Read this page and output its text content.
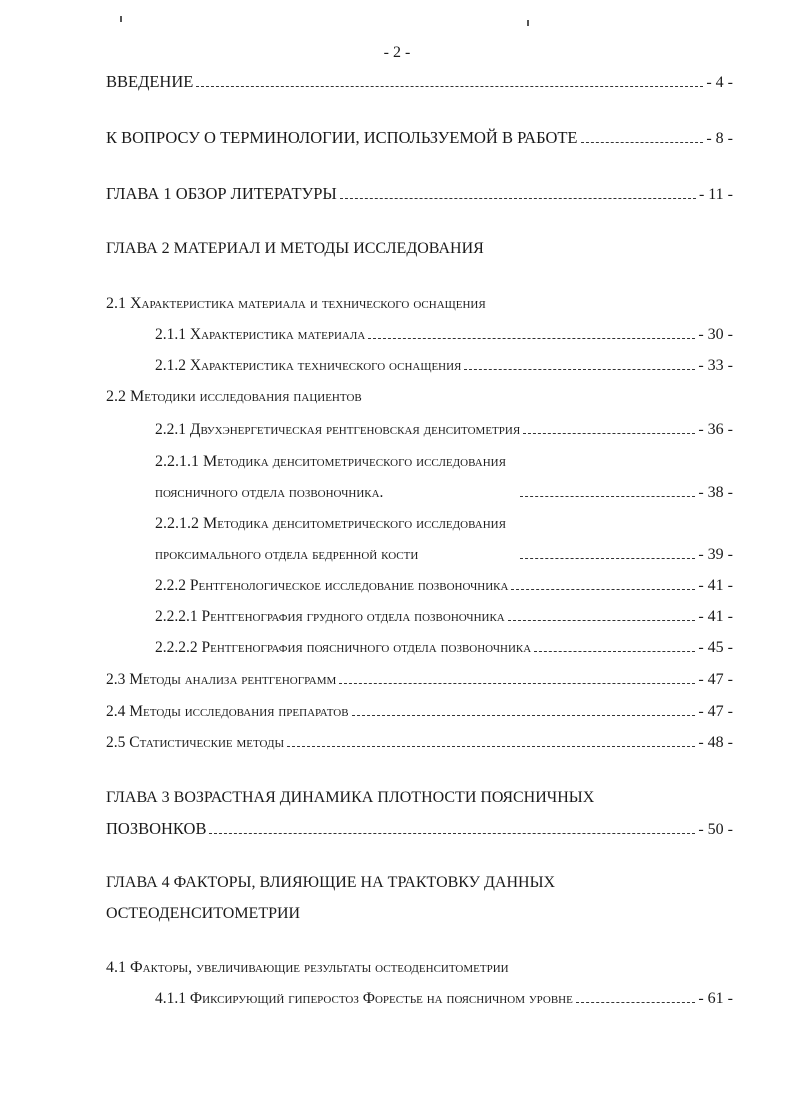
- 2 -
ВВЕДЕНИЕ	- 4 -
К ВОПРОСУ О ТЕРМИНОЛОГИИ, ИСПОЛЬЗУЕМОЙ В РАБОТЕ	- 8 -
ГЛАВА 1 ОБЗОР ЛИТЕРАТУРЫ	- 11 -
ГЛАВА 2 МАТЕРИАЛ И МЕТОДЫ ИССЛЕДОВАНИЯ
2.1 Характеристика материала и технического оснащения
2.1.1 Характеристика материала	- 30 -
2.1.2 Характеристика технического оснащения	- 33 -
2.2 Методики исследования пациентов
2.2.1 Двухэнергетическая рентгеновская денситометрия	- 36 -
2.2.1.1 Методика денситометрического исследования
поясничного отдела позвоночника.	- 38 -
2.2.1.2 Методика денситометрического исследования
проксимального отдела бедренной кости	- 39 -
2.2.2 Рентгенологическое исследование позвоночника	- 41 -
2.2.2.1 Рентгенография грудного отдела позвоночника	- 41 -
2.2.2.2 Рентгенография поясничного отдела позвоночника	- 45 -
2.3 Методы анализа рентгенограмм	- 47 -
2.4 Методы исследования препаратов	- 47 -
2.5 Статистические методы	- 48 -
ГЛАВА 3 ВОЗРАСТНАЯ ДИНАМИКА ПЛОТНОСТИ ПОЯСНИЧНЫХ
ПОЗВОНКОВ	- 50 -
ГЛАВА 4 ФАКТОРЫ, ВЛИЯЮЩИЕ НА ТРАКТОВКУ ДАННЫХ
ОСТЕОДЕНСИТОМЕТРИИ
4.1 Факторы, увеличивающие результаты остеоденситометрии
4.1.1 Фиксирующий гиперостоз Форестье на поясничном уровне	- 61 -
